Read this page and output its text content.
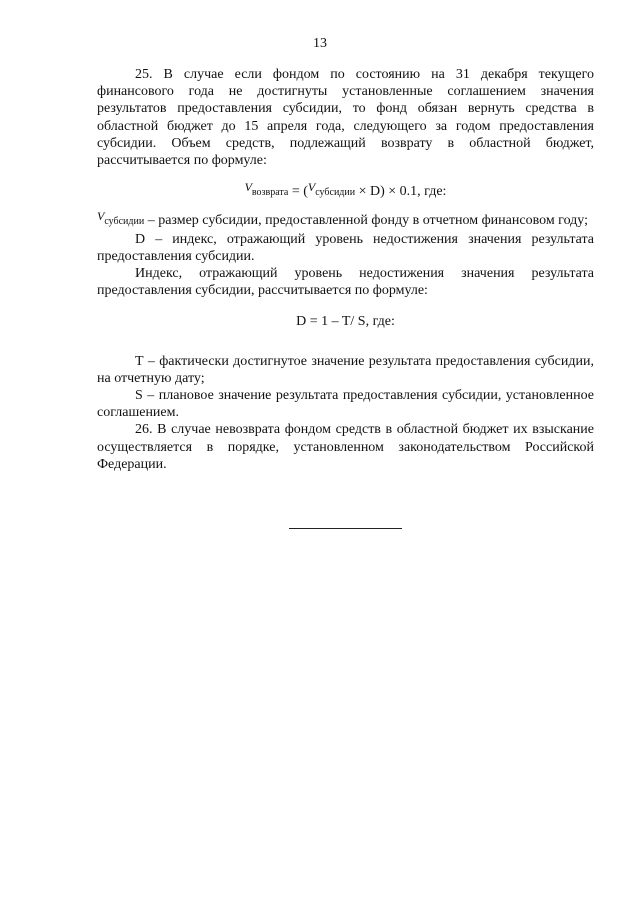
13

25. В случае если фондом по состоянию на 31 декабря текущего финансового года не достигнуты установленные соглашением значения результатов предоставления субсидии, то фонд обязан вернуть средства в областной бюджет до 15 апреля года, следующего за годом предоставления субсидии. Объем средств, подлежащий возврату в областной бюджет, рассчитывается по формуле:

Vвозврата = (Vсубсидии × D) × 0.1, где:

Vсубсидии – размер субсидии, предоставленной фонду в отчетном финансовом году;

D – индекс, отражающий уровень недостижения значения результата предоставления субсидии.

Индекс, отражающий уровень недостижения значения результата предоставления субсидии, рассчитывается по формуле:

D = 1 – T/ S, где:

Т – фактически достигнутое значение результата предоставления субсидии, на отчетную дату;

S – плановое значение результата предоставления субсидии, установленное соглашением.

26. В случае невозврата фондом средств в областной бюджет их взыскание осуществляется в порядке, установленном законодательством Российской Федерации.
